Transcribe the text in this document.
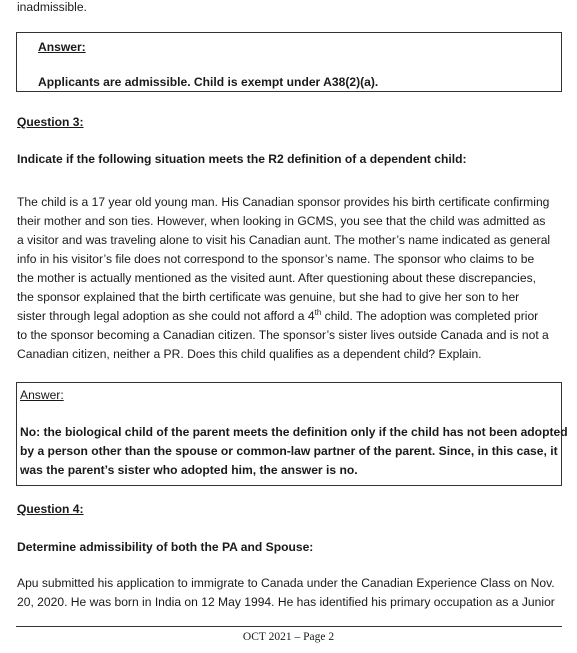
inadmissible.

Answer:

Applicants are admissible. Child is exempt under A38(2)(a).

Question 3:

Indicate if the following situation meets the R2 definition of a dependent child:

The child is a 17 year old young man. His Canadian sponsor provides his birth certificate confirming
their mother and son ties. However, when looking in GCMS, you see that the child was admitted as
a visitor and was traveling alone to visit his Canadian aunt. The mother’s name indicated as general
info in his visitor’s file does not correspond to the sponsor’s name. The sponsor who claims to be
the mother is actually mentioned as the visited aunt. After questioning about these discrepancies,
the sponsor explained that the birth certificate was genuine, but she had to give her son to her
sister through legal adoption as she could not afford a 4th child. The adoption was completed prior
to the sponsor becoming a Canadian citizen. The sponsor’s sister lives outside Canada and is not a
Canadian citizen, neither a PR. Does this child qualifies as a dependent child? Explain.

Answer:

No: the biological child of the parent meets the definition only if the child has not been adopted
by a person other than the spouse or common-law partner of the parent. Since, in this case, it
was the parent’s sister who adopted him, the answer is no.

Question 4:

Determine admissibility of both the PA and Spouse:

Apu submitted his application to immigrate to Canada under the Canadian Experience Class on Nov.
20, 2020. He was born in India on 12 May 1994. He has identified his primary occupation as a Junior
OCT 2021 – Page 2
